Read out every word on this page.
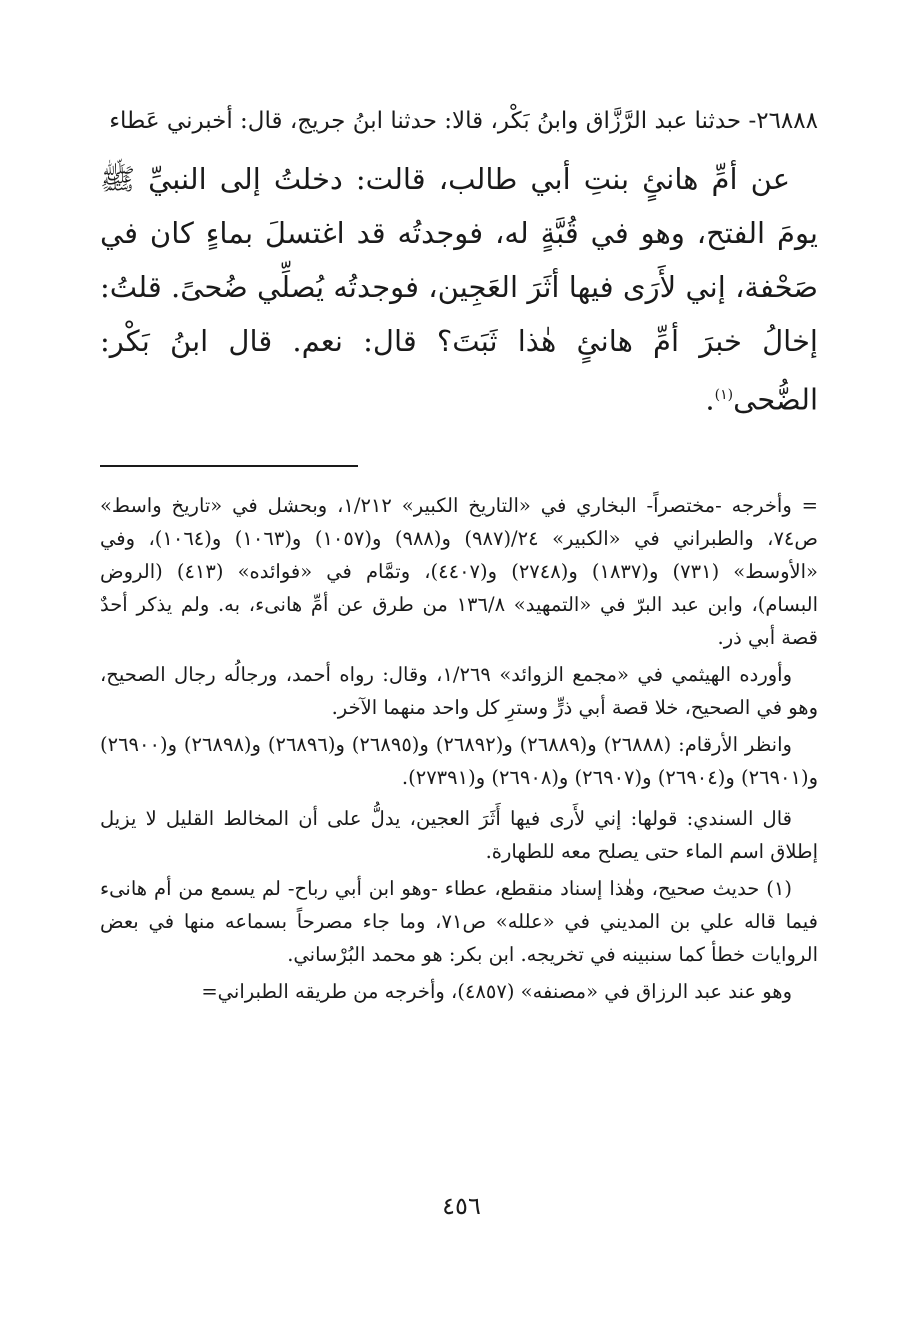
٢٦٨٨٨- حدثنا عبد الرَّزَّاق وابنُ بَكْر، قالا: حدثنا ابنُ جريج، قال: أخبرني عَطاء

عن أمِّ هانئٍ بنتِ أبي طالب، قالت: دخلتُ إلى النبيِّ ﷺ يومَ الفتح، وهو في قُبَّةٍ له، فوجدتُه قد اغتسلَ بماءٍ كان في صَحْفة، إني لأَرَى فيها أثَرَ العَجِين، فوجدتُه يُصلِّي ضُحىً. قلتُ: إخالُ خبرَ أمِّ هانئٍ هٰذا ثَبَتَ؟ قال: نعم. قال ابنُ بَكْر: الضُّحى$^{(١)}$.

= وأخرجه -مختصراً- البخاري في «التاريخ الكبير» ١/٢١٢، وبحشل في «تاريخ واسط» ص٧٤، والطبراني في «الكبير» ٢٤/(٩٨٧) و(٩٨٨) و(١٠٥٧) و(١٠٦٣) و(١٠٦٤)، وفي «الأوسط» (٧٣١) و(١٨٣٧) و(٢٧٤٨) و(٤٤٠٧)، وتمَّام في «فوائده» (٤١٣) (الروض البسام)، وابن عبد البرّ في «التمهيد» ١٣٦/٨ من طرق عن أمِّ هانىء، به. ولم يذكر أحدٌ قصة أبي ذر.

وأورده الهيثمي في «مجمع الزوائد» ١/٢٦٩، وقال: رواه أحمد، ورجالُه رجال الصحيح، وهو في الصحيح، خلا قصة أبي ذرٍّ وسترِ كل واحد منهما الآخر.

وانظر الأرقام: (٢٦٨٨٨) و(٢٦٨٨٩) و(٢٦٨٩٢) و(٢٦٨٩٥) و(٢٦٨٩٦) و(٢٦٨٩٨) و(٢٦٩٠٠) و(٢٦٩٠١) و(٢٦٩٠٤) و(٢٦٩٠٧) و(٢٦٩٠٨) و(٢٧٣٩١).

قال السندي: قولها: إني لأَرى فيها أَثَرَ العجين، يدلُّ على أن المخالط القليل لا يزيل إطلاق اسم الماء حتى يصلح معه للطهارة.

(١) حديث صحيح، وهٰذا إسناد منقطع، عطاء -وهو ابن أبي رباح- لم يسمع من أم هانىء فيما قاله علي بن المديني في «علله» ص٧١، وما جاء مصرحاً بسماعه منها في بعض الروايات خطأ كما سنبينه في تخريجه. ابن بكر: هو محمد البُرْساني.

وهو عند عبد الرزاق في «مصنفه» (٤٨٥٧)، وأخرجه من طريقه الطبراني=

٤٥٦
